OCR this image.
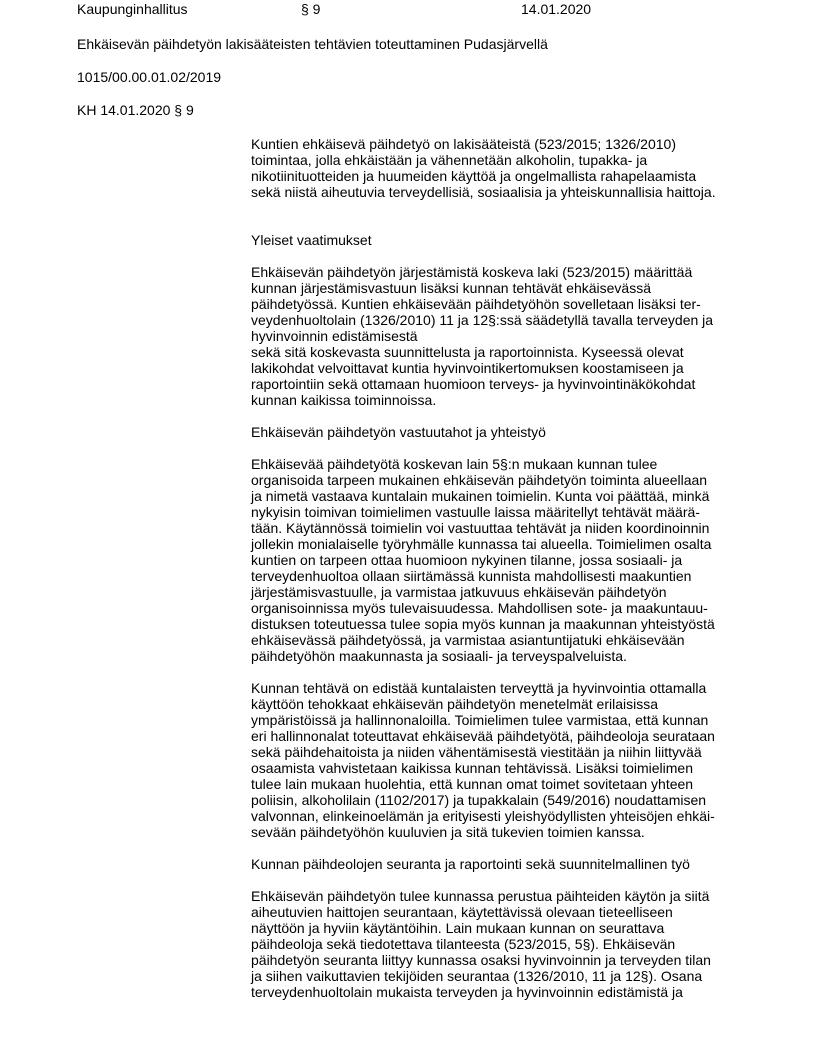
Kaupunginhallitus	§ 9	14.01.2020
Ehkäisevän päihdetyön lakisääteisten tehtävien toteuttaminen Pudasjärvellä
1015/00.00.01.02/2019
KH 14.01.2020 § 9
Kuntien ehkäisevä päihdetyö on lakisääteistä (523/2015; 1326/2010)
toimintaa, jolla ehkäistään ja vähennetään alkoholin, tupakka- ja
nikotiinituotteiden ja huumeiden käyttöä ja ongelmallista rahapelaamista
sekä niistä aiheutuvia terveydellisiä, sosiaalisia ja yhteiskunnallisia haittoja.
Yleiset vaatimukset
Ehkäisevän päihdetyön järjestämistä koskeva laki (523/2015) määrittää
kunnan järjestämisvastuun lisäksi kunnan tehtävät ehkäisevässä
päihdetyössä. Kuntien ehkäisevään päihdetyöhön sovelletaan lisäksi ter-
veydenhuoltolain (1326/2010) 11 ja 12§:ssä säädetyllä tavalla terveyden ja
hyvinvoinnin edistämisestä
sekä sitä koskevasta suunnittelusta ja raportoinnista. Kyseessä olevat
lakikohdat velvoittavat kuntia hyvinvointikertomuksen koostamiseen ja
raportointiin sekä ottamaan huomioon terveys- ja hyvinvointinäkökohdat
kunnan kaikissa toiminnoissa.
Ehkäisevän päihdetyön vastuutahot ja yhteistyö
Ehkäisevää päihdetyötä koskevan lain 5§:n mukaan kunnan tulee
organisoida tarpeen mukainen ehkäisevän päihdetyön toiminta alueellaan
ja nimetä vastaava kuntalain mukainen toimielin. Kunta voi päättää, minkä
nykyisin toimivan toimielimen vastuulle laissa määritellyt tehtävät määrä-
tään. Käytännössä toimielin voi vastuuttaa tehtävät ja niiden koordinoinnin
jollekin monialaiselle työryhmälle kunnassa tai alueella. Toimielimen osalta
kuntien on tarpeen ottaa huomioon nykyinen tilanne, jossa sosiaali- ja
terveydenhuoltoa ollaan siirtämässä kunnista mahdollisesti maakuntien
järjestämisvastuulle, ja varmistaa jatkuvuus ehkäisevän päihdetyön
organisoinnissa myös tulevaisuudessa. Mahdollisen sote- ja maakuntauu-
distuksen toteutuessa tulee sopia myös kunnan ja maakunnan yhteistyöstä
ehkäisevässä päihdetyössä, ja varmistaa asiantuntijatuki ehkäisevään
päihdetyöhön maakunnasta ja sosiaali- ja terveyspalveluista.
Kunnan tehtävä on edistää kuntalaisten terveyttä ja hyvinvointia ottamalla
käyttöön tehokkaat ehkäisevän päihdetyön menetelmät erilaisissa
ympäristöissä ja hallinnonaloilla. Toimielimen tulee varmistaa, että kunnan
eri hallinnonalat toteuttavat ehkäisevää päihdetyötä, päihdeoloja seurataan
sekä päihdehaitoista ja niiden vähentämisestä viestitään ja niihin liittyvää
osaamista vahvistetaan kaikissa kunnan tehtävissä. Lisäksi toimielimen
tulee lain mukaan huolehtia, että kunnan omat toimet sovitetaan yhteen
poliisin, alkoholilain (1102/2017) ja tupakkalain (549/2016) noudattamisen
valvonnan, elinkeinoelämän ja erityisesti yleishyödyllisten yhteisöjen ehkäi-
sevään päihdetyöhön kuuluvien ja sitä tukevien toimien kanssa.
Kunnan päihdeolojen seuranta ja raportointi sekä suunnitelmallinen työ
Ehkäisevän päihdetyön tulee kunnassa perustua päihteiden käytön ja siitä
aiheutuvien haittojen seurantaan, käytettävissä olevaan tieteelliseen
näyttöön ja hyviin käytäntöihin. Lain mukaan kunnan on seurattava
päihdeoloja sekä tiedotettava tilanteesta (523/2015, 5§). Ehkäisevän
päihdetyön seuranta liittyy kunnassa osaksi hyvinvoinnin ja terveyden tilan
ja siihen vaikuttavien tekijöiden seurantaa (1326/2010, 11 ja 12§). Osana
terveydenhuoltolain mukaista terveyden ja hyvinvoinnin edistämistä ja
